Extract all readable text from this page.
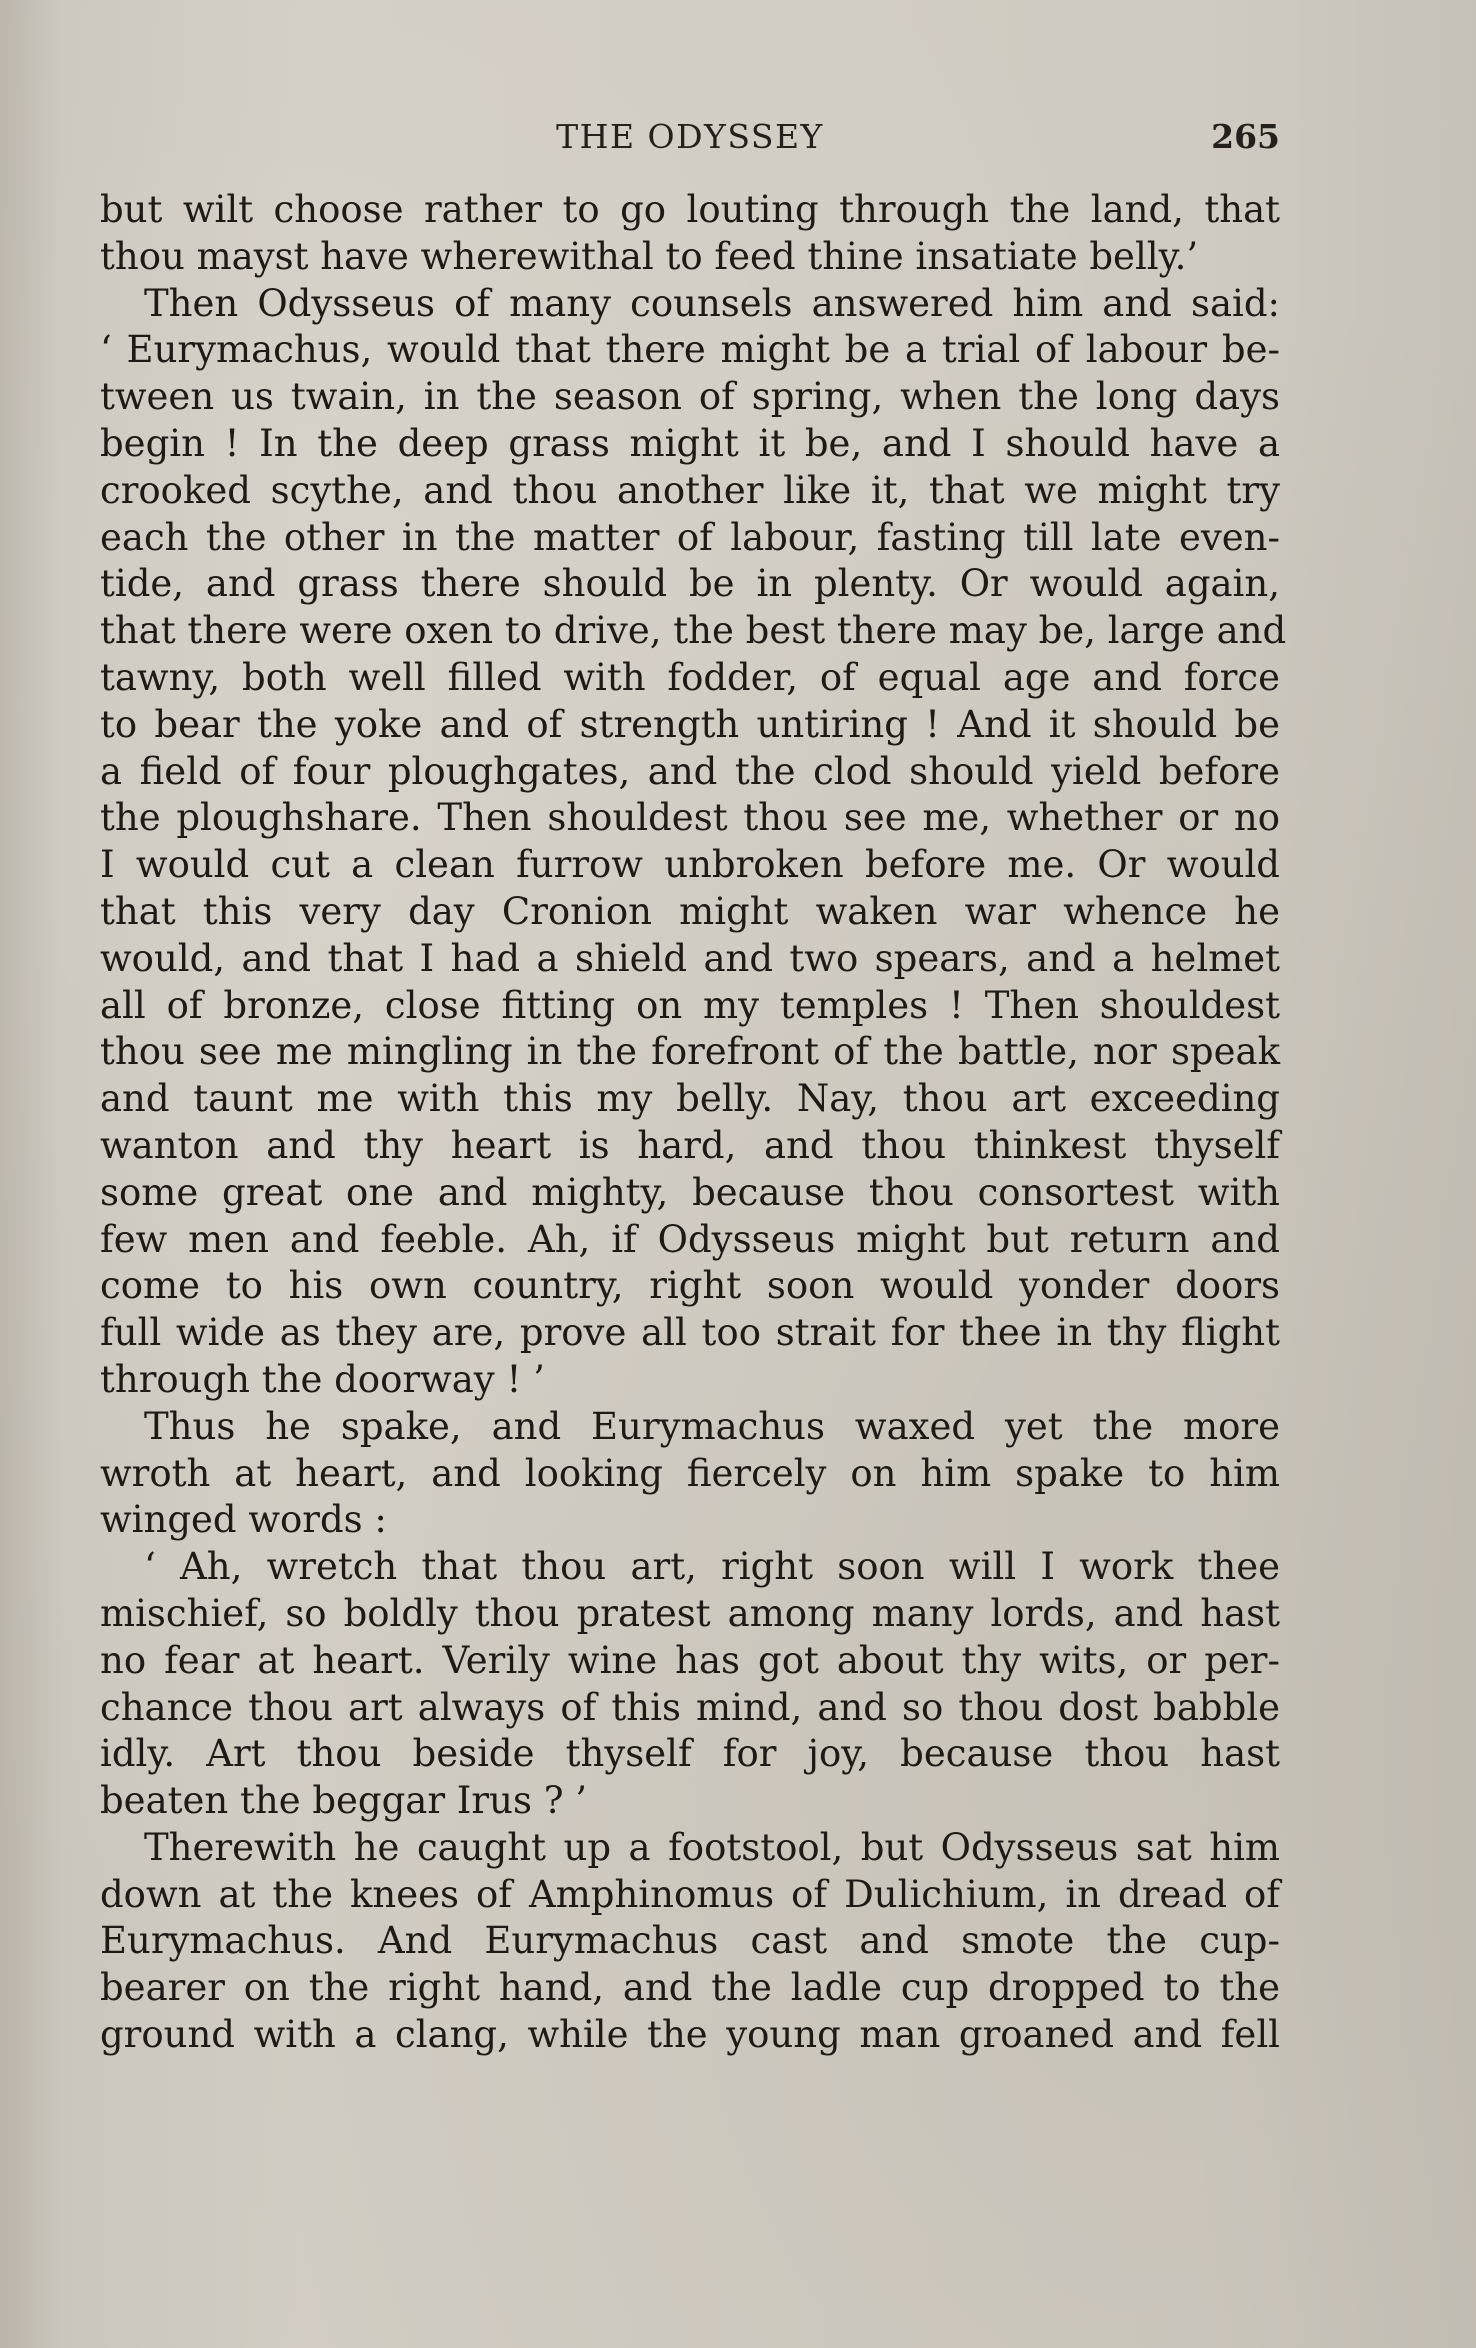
THE ODYSSEY	265
but wilt choose rather to go louting through the land, that
thou mayst have wherewithal to feed thine insatiate belly.’
Then Odysseus of many counsels answered him and said:
‘ Eurymachus, would that there might be a trial of labour be-
tween us twain, in the season of spring, when the long days
begin ! In the deep grass might it be, and I should have a
crooked scythe, and thou another like it, that we might try
each the other in the matter of labour, fasting till late even-
tide, and grass there should be in plenty. Or would again,
that there were oxen to drive, the best there may be, large and
tawny, both well filled with fodder, of equal age and force
to bear the yoke and of strength untiring ! And it should be
a field of four ploughgates, and the clod should yield before
the ploughshare. Then shouldest thou see me, whether or no
I would cut a clean furrow unbroken before me. Or would
that this very day Cronion might waken war whence he
would, and that I had a shield and two spears, and a helmet
all of bronze, close fitting on my temples ! Then shouldest
thou see me mingling in the forefront of the battle, nor speak
and taunt me with this my belly. Nay, thou art exceeding
wanton and thy heart is hard, and thou thinkest thyself
some great one and mighty, because thou consortest with
few men and feeble. Ah, if Odysseus might but return and
come to his own country, right soon would yonder doors
full wide as they are, prove all too strait for thee in thy flight
through the doorway ! ’
Thus he spake, and Eurymachus waxed yet the more
wroth at heart, and looking fiercely on him spake to him
winged words :
‘ Ah, wretch that thou art, right soon will I work thee
mischief, so boldly thou pratest among many lords, and hast
no fear at heart. Verily wine has got about thy wits, or per-
chance thou art always of this mind, and so thou dost babble
idly. Art thou beside thyself for joy, because thou hast
beaten the beggar Irus ? ’
Therewith he caught up a footstool, but Odysseus sat him
down at the knees of Amphinomus of Dulichium, in dread of
Eurymachus. And Eurymachus cast and smote the cup-
bearer on the right hand, and the ladle cup dropped to the
ground with a clang, while the young man groaned and fell
